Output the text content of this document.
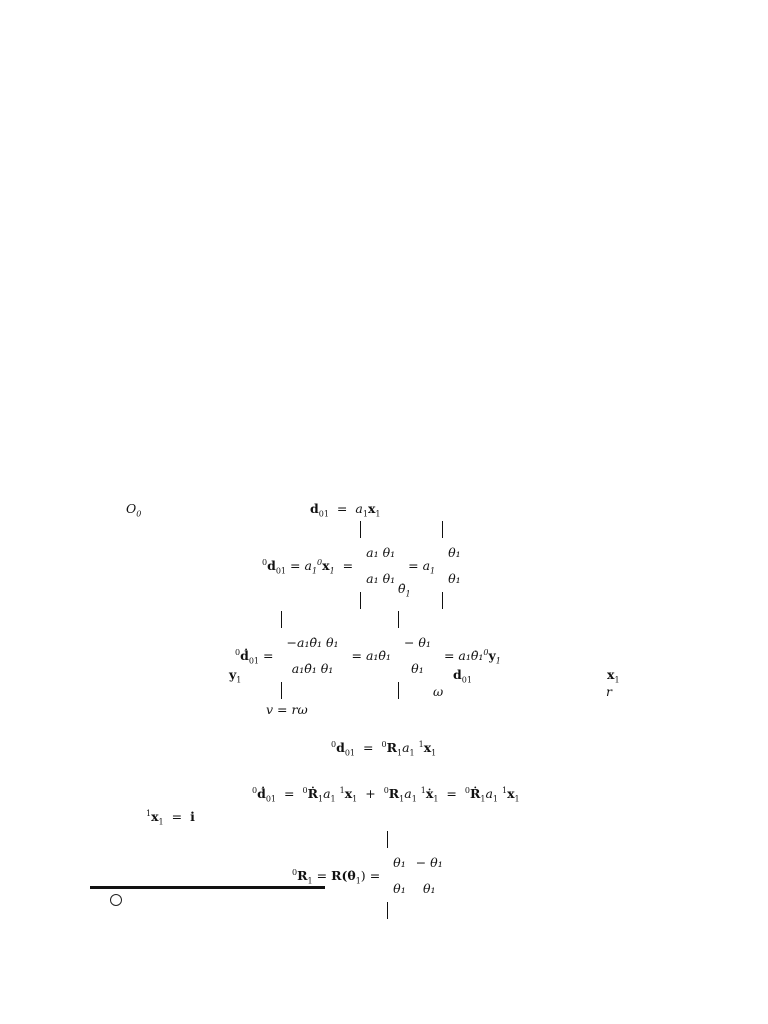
$O_0$	$d_{01} = a_1x_1$
$^0d_{01} = a_1^0x_1$ =
a₁ θ₁
a₁ θ₁
= $a_1$
θ₁
θ₁
$\thetȧ_1$
$^0$ḋ$_{01}$ =
−a₁θ̇₁ θ₁
a₁θ̇₁ θ₁
= a₁θ̇₁
− θ₁
θ₁
= $a_1\thetȧ_1^0y_1$
$y_1$	$d_{01}$	$x_1$
ω	r
v = rω
$^0d_{01} = ^0R_1a_1$ $^1x_1$
$^0$ḋ$_{01}$ = $^0Ṙ_1a_1$ $^1x_1 + ^0R_1a_1$ $^1$ẋ$_1$ = $^0Ṙ_1a_1$ $^1x_1$
$^1x_1 = i$
$^0R_1 = R(\theta_1)$ =
θ₁ − θ₁
θ₁	θ₁
